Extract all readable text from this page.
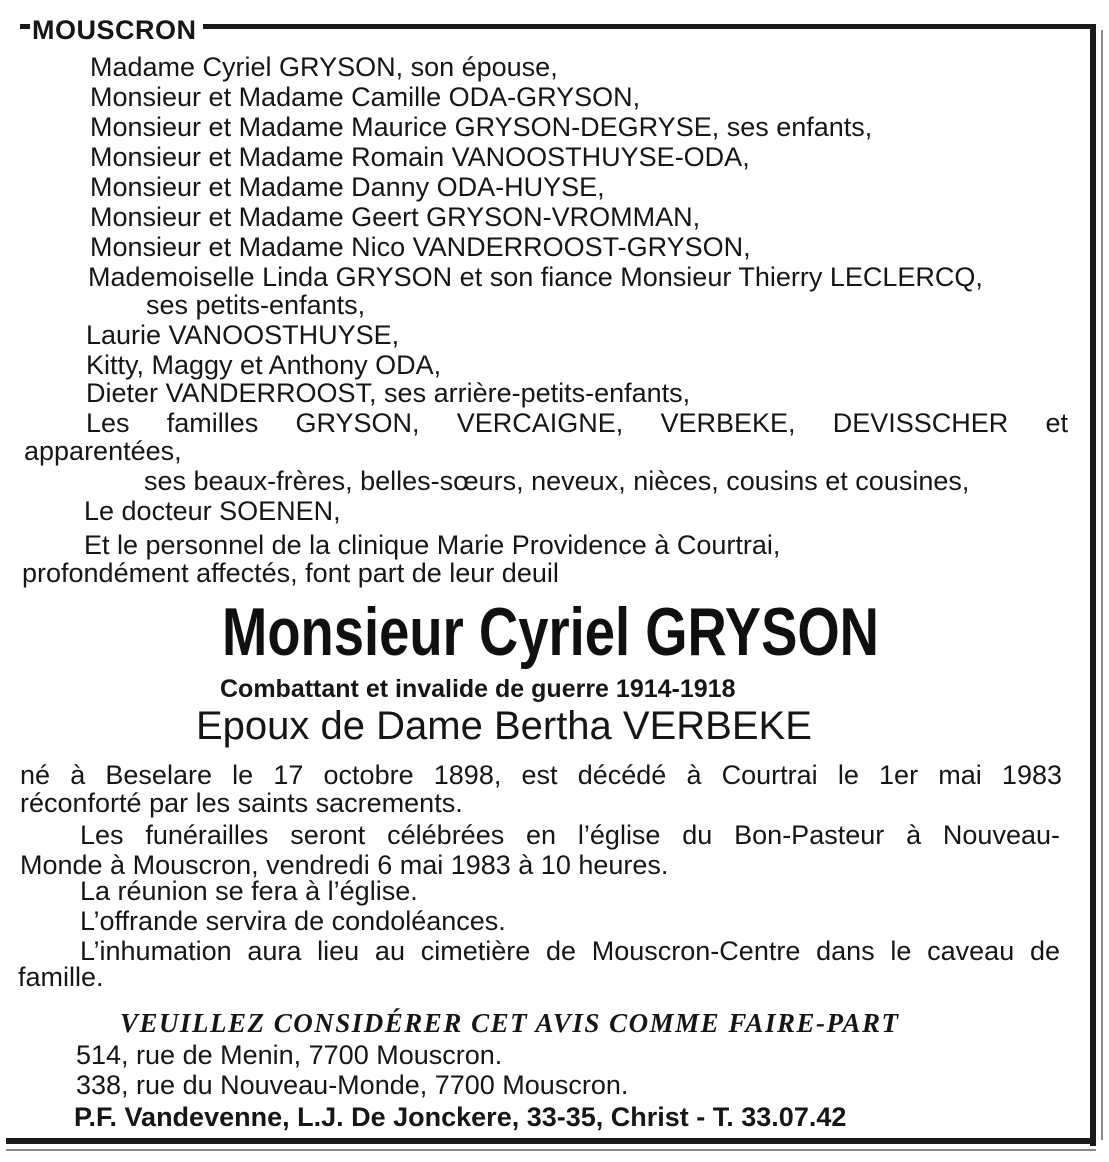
MOUSCRON
Madame Cyriel GRYSON, son épouse,
Monsieur et Madame Camille ODA-GRYSON,
Monsieur et Madame Maurice GRYSON-DEGRYSE, ses enfants,
Monsieur et Madame Romain VANOOSTHUYSE-ODA,
Monsieur et Madame Danny ODA-HUYSE,
Monsieur et Madame Geert GRYSON-VROMMAN,
Monsieur et Madame Nico VANDERROOST-GRYSON,
Mademoiselle Linda GRYSON et son fiance Monsieur Thierry LECLERCQ,
ses petits-enfants,
Laurie VANOOSTHUYSE,
Kitty, Maggy et Anthony ODA,
Dieter VANDERROOST, ses arrière-petits-enfants,
Les familles GRYSON, VERCAIGNE, VERBEKE, DEVISSCHER et
apparentées,
ses beaux-frères, belles-sœurs, neveux, nièces, cousins et cousines,
Le docteur SOENEN,
Et le personnel de la clinique Marie Providence à Courtrai,
profondément affectés, font part de leur deuil
Monsieur Cyriel GRYSON
Combattant et invalide de guerre 1914-1918
Epoux de Dame Bertha VERBEKE
né à Beselare le 17 octobre 1898, est décédé à Courtrai le 1er mai 1983
réconforté par les saints sacrements.
Les funérailles seront célébrées en l’église du Bon-Pasteur à Nouveau-
Monde à Mouscron, vendredi 6 mai 1983 à 10 heures.
La réunion se fera à l’église.
L’offrande servira de condoléances.
L’inhumation aura lieu au cimetière de Mouscron-Centre dans le caveau de
famille.
VEUILLEZ CONSIDÉRER CET AVIS COMME FAIRE-PART
514, rue de Menin, 7700 Mouscron.
338, rue du Nouveau-Monde, 7700 Mouscron.
P.F. Vandevenne, L.J. De Jonckere, 33-35, Christ - T. 33.07.42
